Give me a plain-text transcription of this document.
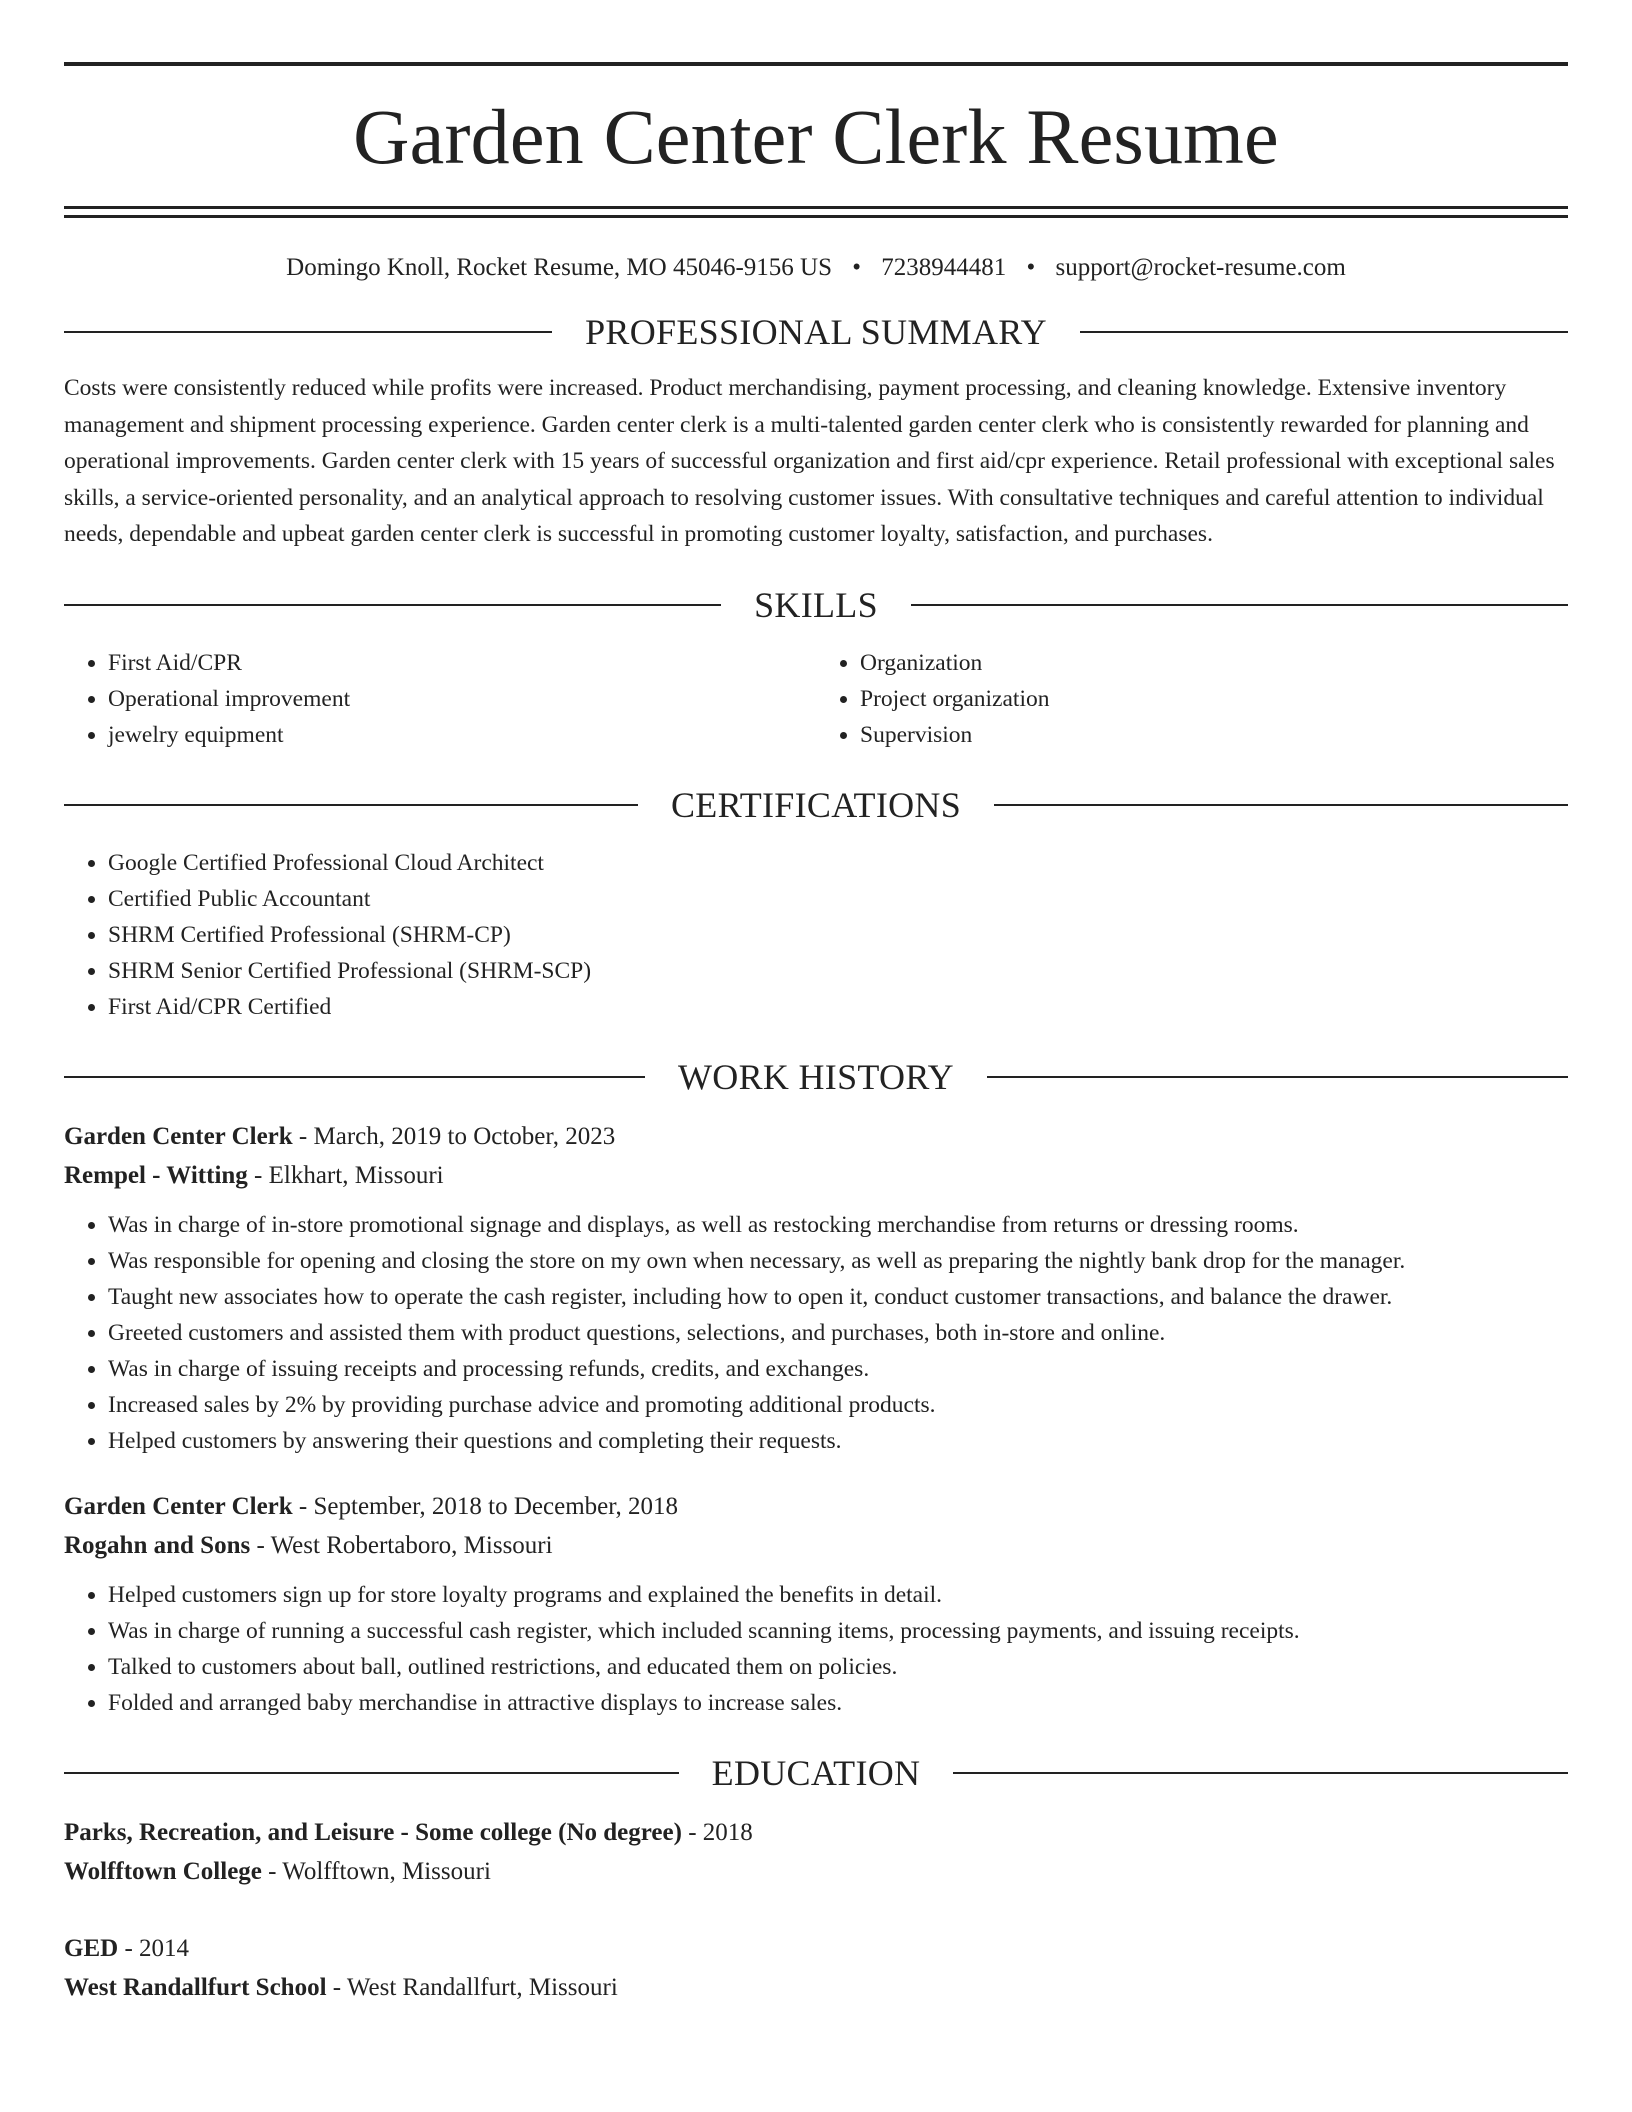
Garden Center Clerk Resume
Domingo Knoll, Rocket Resume, MO 45046-9156 US • 7238944481 • support@rocket-resume.com
PROFESSIONAL SUMMARY

Costs were consistently reduced while profits were increased. Product merchandising, payment processing, and cleaning knowledge. Extensive inventory management and shipment processing experience. Garden center clerk is a multi-talented garden center clerk who is consistently rewarded for planning and operational improvements. Garden center clerk with 15 years of successful organization and first aid/cpr experience. Retail professional with exceptional sales skills, a service-oriented personality, and an analytical approach to resolving customer issues. With consultative techniques and careful attention to individual needs, dependable and upbeat garden center clerk is successful in promoting customer loyalty, satisfaction, and purchases.

SKILLS
• First Aid/CPR
• Operational improvement
• jewelry equipment
• Organization
• Project organization
• Supervision
CERTIFICATIONS
• Google Certified Professional Cloud Architect
• Certified Public Accountant
• SHRM Certified Professional (SHRM-CP)
• SHRM Senior Certified Professional (SHRM-SCP)
• First Aid/CPR Certified
WORK HISTORY
Garden Center Clerk - March, 2019 to October, 2023
Rempel - Witting - Elkhart, Missouri
• Was in charge of in-store promotional signage and displays, as well as restocking merchandise from returns or dressing rooms.
• Was responsible for opening and closing the store on my own when necessary, as well as preparing the nightly bank drop for the manager.
• Taught new associates how to operate the cash register, including how to open it, conduct customer transactions, and balance the drawer.
• Greeted customers and assisted them with product questions, selections, and purchases, both in-store and online.
• Was in charge of issuing receipts and processing refunds, credits, and exchanges.
• Increased sales by 2% by providing purchase advice and promoting additional products.
• Helped customers by answering their questions and completing their requests.
Garden Center Clerk - September, 2018 to December, 2018
Rogahn and Sons - West Robertaboro, Missouri
• Helped customers sign up for store loyalty programs and explained the benefits in detail.
• Was in charge of running a successful cash register, which included scanning items, processing payments, and issuing receipts.
• Talked to customers about ball, outlined restrictions, and educated them on policies.
• Folded and arranged baby merchandise in attractive displays to increase sales.
EDUCATION
Parks, Recreation, and Leisure - Some college (No degree) - 2018
Wolfftown College - Wolfftown, Missouri
GED - 2014
West Randallfurt School - West Randallfurt, Missouri
